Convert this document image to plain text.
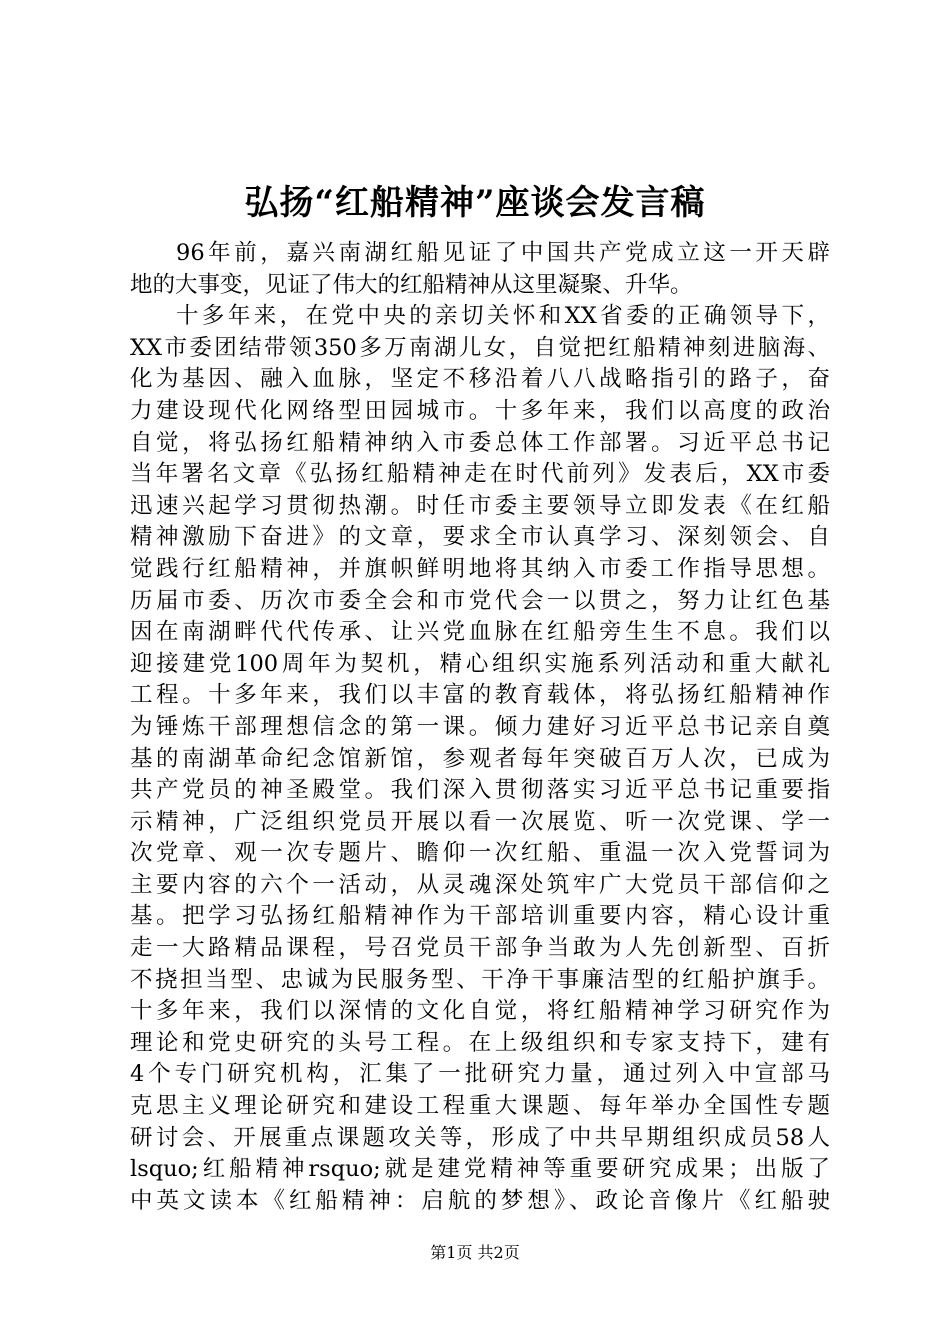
弘扬“红船精神”座谈会发言稿
96年前，嘉兴南湖红船见证了中国共产党成立这一开天辟
地的大事变，见证了伟大的红船精神从这里凝聚、升华。
十多年来，在党中央的亲切关怀和XX省委的正确领导下，
XX市委团结带领350多万南湖儿女，自觉把红船精神刻进脑海、
化为基因、融入血脉，坚定不移沿着八八战略指引的路子，奋
力建设现代化网络型田园城市。十多年来，我们以高度的政治
自觉，将弘扬红船精神纳入市委总体工作部署。习近平总书记
当年署名文章《弘扬红船精神走在时代前列》发表后，XX市委
迅速兴起学习贯彻热潮。时任市委主要领导立即发表《在红船
精神激励下奋进》的文章，要求全市认真学习、深刻领会、自
觉践行红船精神，并旗帜鲜明地将其纳入市委工作指导思想。
历届市委、历次市委全会和市党代会一以贯之，努力让红色基
因在南湖畔代代传承、让兴党血脉在红船旁生生不息。我们以
迎接建党100周年为契机，精心组织实施系列活动和重大献礼
工程。十多年来，我们以丰富的教育载体，将弘扬红船精神作
为锤炼干部理想信念的第一课。倾力建好习近平总书记亲自奠
基的南湖革命纪念馆新馆，参观者每年突破百万人次，已成为
共产党员的神圣殿堂。我们深入贯彻落实习近平总书记重要指
示精神，广泛组织党员开展以看一次展览、听一次党课、学一
次党章、观一次专题片、瞻仰一次红船、重温一次入党誓词为
主要内容的六个一活动，从灵魂深处筑牢广大党员干部信仰之
基。把学习弘扬红船精神作为干部培训重要内容，精心设计重
走一大路精品课程，号召党员干部争当敢为人先创新型、百折
不挠担当型、忠诚为民服务型、干净干事廉洁型的红船护旗手。
十多年来，我们以深情的文化自觉，将红船精神学习研究作为
理论和党史研究的头号工程。在上级组织和专家支持下，建有
4个专门研究机构，汇集了一批研究力量，通过列入中宣部马
克思主义理论研究和建设工程重大课题、每年举办全国性专题
研讨会、开展重点课题攻关等，形成了中共早期组织成员58人
lsquo;红船精神rsquo;就是建党精神等重要研究成果；出版了
中英文读本《红船精神：启航的梦想》、政论音像片《红船驶
第1页 共2页
